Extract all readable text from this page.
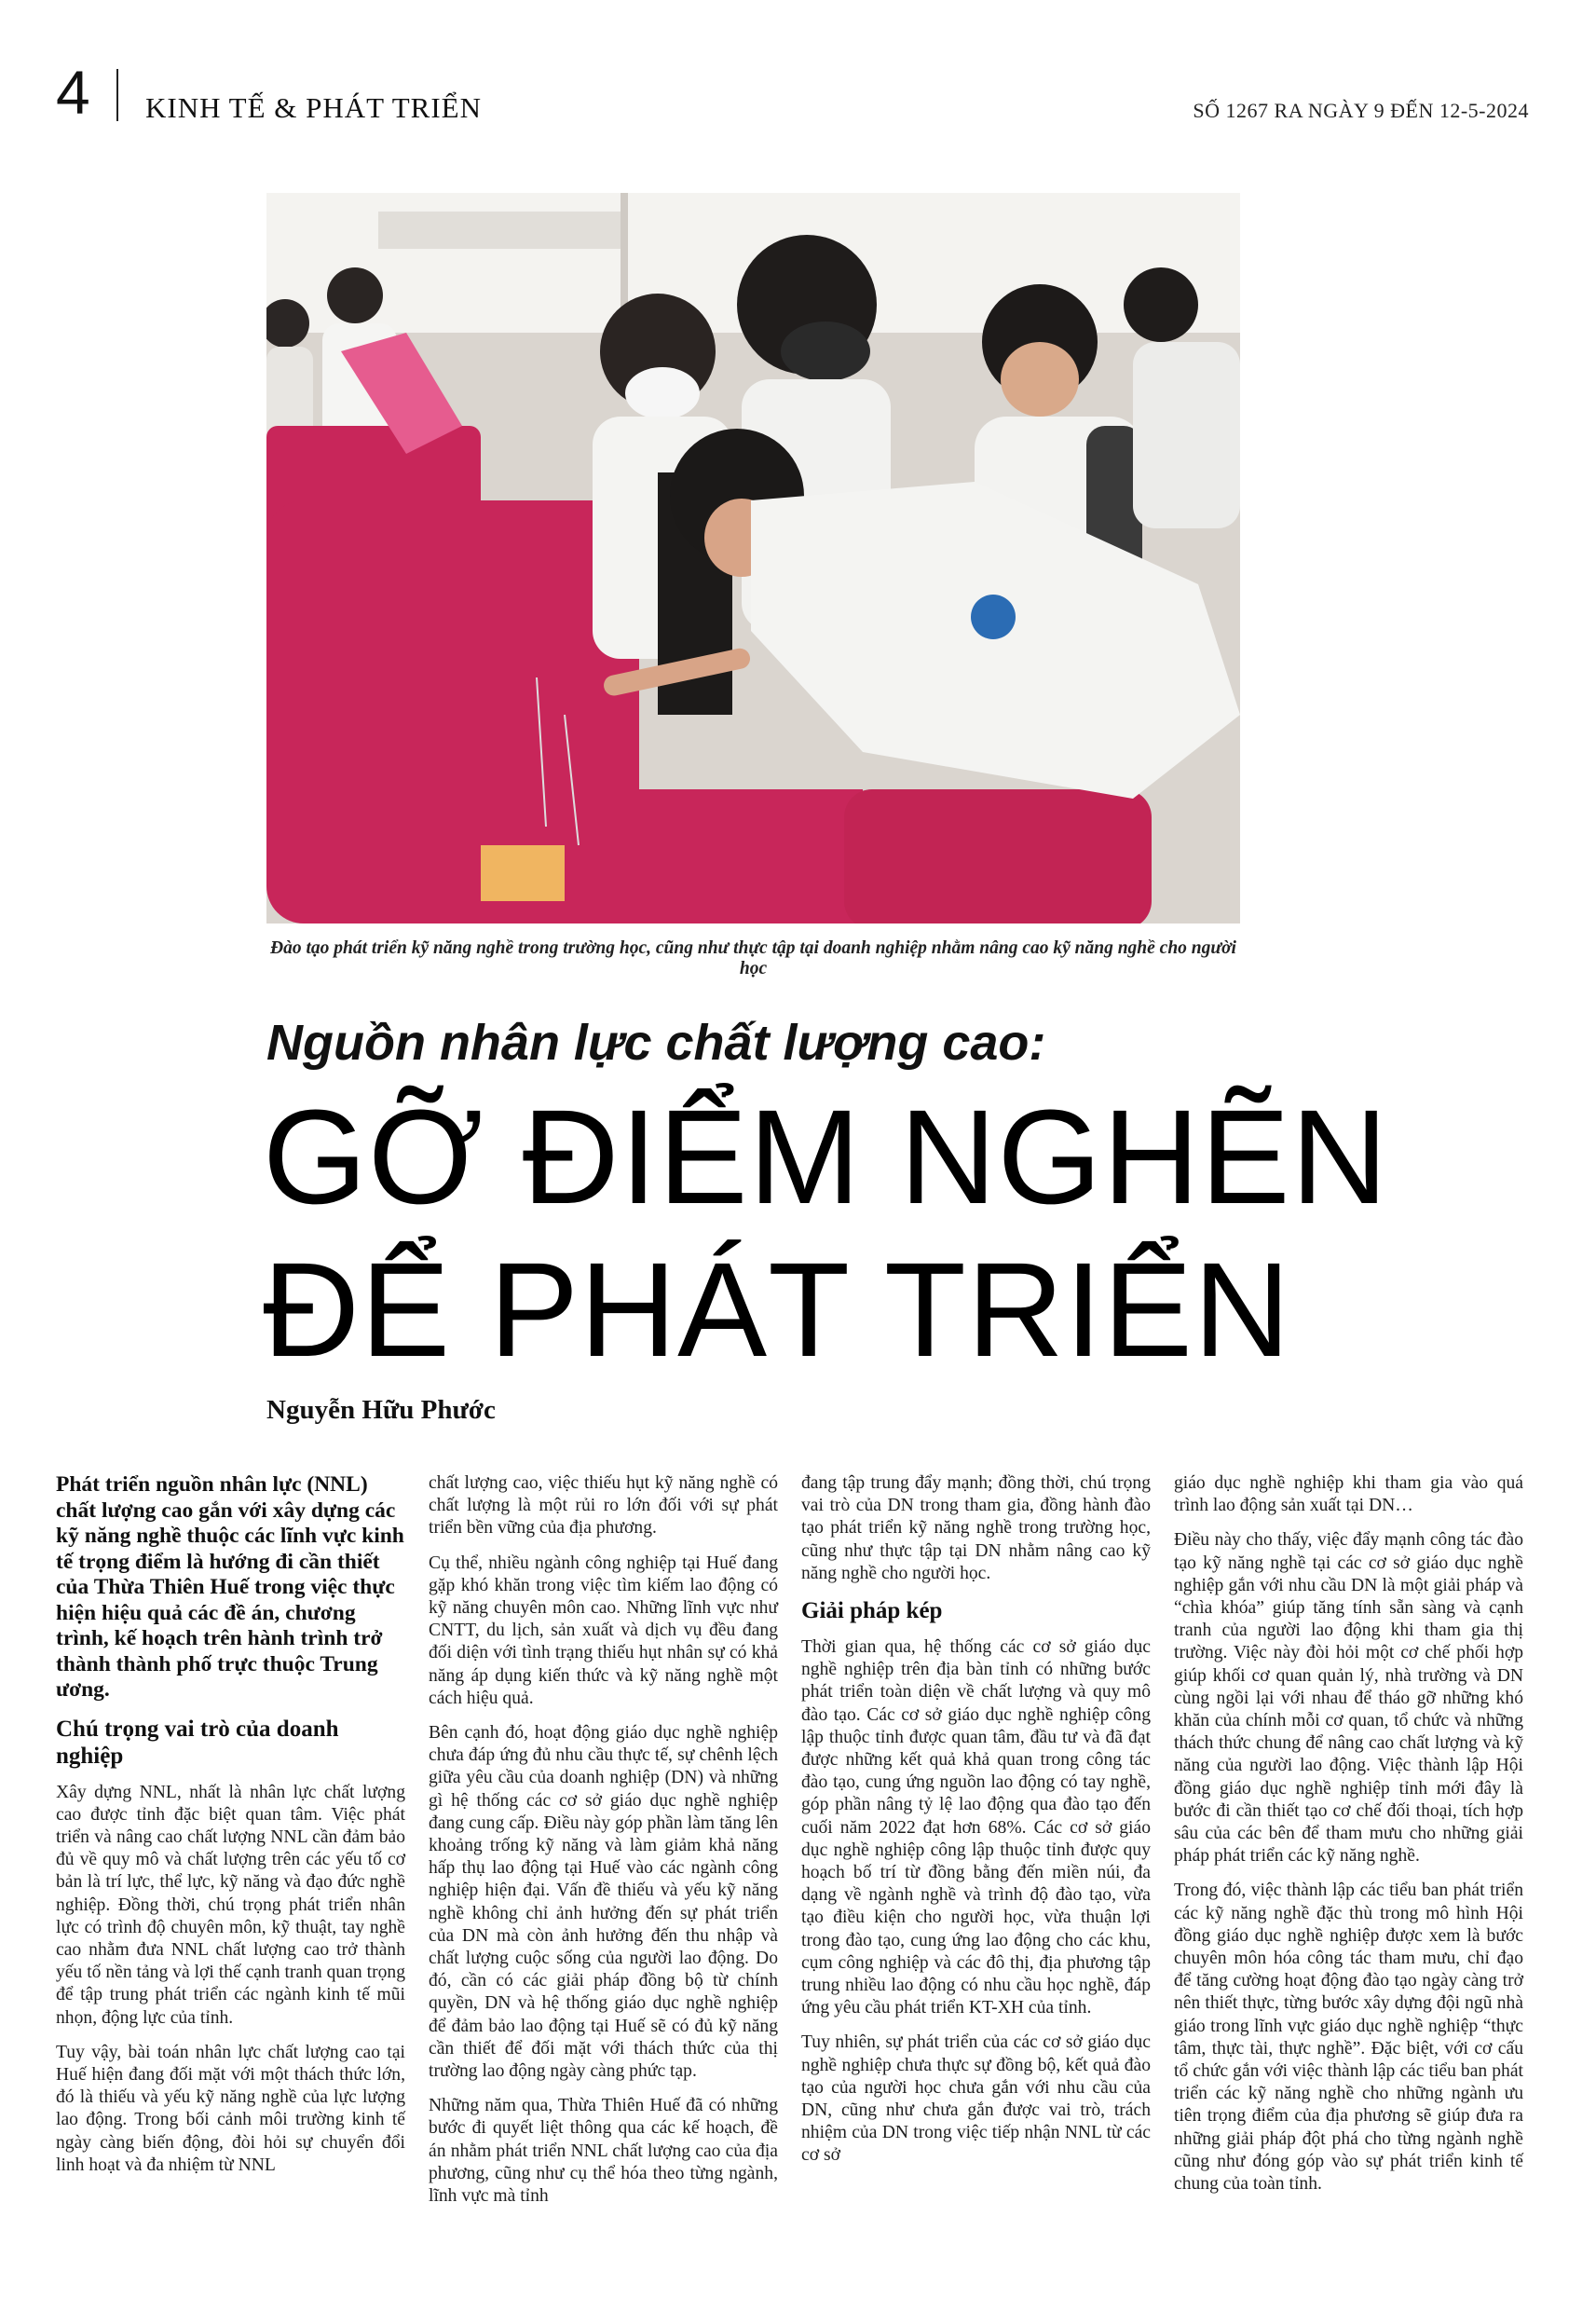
4 KINH TẾ & PHÁT TRIỂN	SỐ 1267 RA NGÀY 9 ĐẾN 12-5-2024
Đào tạo phát triển kỹ năng nghề trong trường học, cũng như thực tập tại doanh nghiệp nhằm nâng cao kỹ năng nghề cho người học
Nguồn nhân lực chất lượng cao:
GỠ ĐIỂM NGHẼN
ĐỂ PHÁT TRIỂN
Nguyễn Hữu Phước

Phát triển nguồn nhân lực (NNL) chất lượng cao gắn với xây dựng các kỹ năng nghề thuộc các lĩnh vực kinh tế trọng điểm là hướng đi cần thiết của Thừa Thiên Huế trong việc thực hiện hiệu quả các đề án, chương trình, kế hoạch trên hành trình trở thành thành phố trực thuộc Trung ương.

Chú trọng vai trò của doanh nghiệp

Xây dựng NNL, nhất là nhân lực chất lượng cao được tỉnh đặc biệt quan tâm. Việc phát triển và nâng cao chất lượng NNL cần đảm bảo đủ về quy mô và chất lượng trên các yếu tố cơ bản là trí lực, thể lực, kỹ năng và đạo đức nghề nghiệp. Đồng thời, chú trọng phát triển nhân lực có trình độ chuyên môn, kỹ thuật, tay nghề cao nhằm đưa NNL chất lượng cao trở thành yếu tố nền tảng và lợi thế cạnh tranh quan trọng để tập trung phát triển các ngành kinh tế mũi nhọn, động lực của tỉnh.

Tuy vậy, bài toán nhân lực chất lượng cao tại Huế hiện đang đối mặt với một thách thức lớn, đó là thiếu và yếu kỹ năng nghề của lực lượng lao động. Trong bối cảnh môi trường kinh tế ngày càng biến động, đòi hỏi sự chuyển đổi linh hoạt và đa nhiệm từ NNL

chất lượng cao, việc thiếu hụt kỹ năng nghề có chất lượng là một rủi ro lớn đối với sự phát triển bền vững của địa phương.

Cụ thể, nhiều ngành công nghiệp tại Huế đang gặp khó khăn trong việc tìm kiếm lao động có kỹ năng chuyên môn cao. Những lĩnh vực như CNTT, du lịch, sản xuất và dịch vụ đều đang đối diện với tình trạng thiếu hụt nhân sự có khả năng áp dụng kiến thức và kỹ năng nghề một cách hiệu quả.

Bên cạnh đó, hoạt động giáo dục nghề nghiệp chưa đáp ứng đủ nhu cầu thực tế, sự chênh lệch giữa yêu cầu của doanh nghiệp (DN) và những gì hệ thống các cơ sở giáo dục nghề nghiệp đang cung cấp. Điều này góp phần làm tăng lên khoảng trống kỹ năng và làm giảm khả năng hấp thụ lao động tại Huế vào các ngành công nghiệp hiện đại. Vấn đề thiếu và yếu kỹ năng nghề không chỉ ảnh hưởng đến sự phát triển của DN mà còn ảnh hưởng đến thu nhập và chất lượng cuộc sống của người lao động. Do đó, cần có các giải pháp đồng bộ từ chính quyền, DN và hệ thống giáo dục nghề nghiệp để đảm bảo lao động tại Huế sẽ có đủ kỹ năng cần thiết để đối mặt với thách thức của thị trường lao động ngày càng phức tạp.

Những năm qua, Thừa Thiên Huế đã có những bước đi quyết liệt thông qua các kế hoạch, đề án nhằm phát triển NNL chất lượng cao của địa phương, cũng như cụ thể hóa theo từng ngành, lĩnh vực mà tỉnh

đang tập trung đẩy mạnh; đồng thời, chú trọng vai trò của DN trong tham gia, đồng hành đào tạo phát triển kỹ năng nghề trong trường học, cũng như thực tập tại DN nhằm nâng cao kỹ năng nghề cho người học.

Giải pháp kép

Thời gian qua, hệ thống các cơ sở giáo dục nghề nghiệp trên địa bàn tỉnh có những bước phát triển toàn diện về chất lượng và quy mô đào tạo. Các cơ sở giáo dục nghề nghiệp công lập thuộc tỉnh được quan tâm, đầu tư và đã đạt được những kết quả khả quan trong công tác đào tạo, cung ứng nguồn lao động có tay nghề, góp phần nâng tỷ lệ lao động qua đào tạo đến cuối năm 2022 đạt hơn 68%. Các cơ sở giáo dục nghề nghiệp công lập thuộc tỉnh được quy hoạch bố trí từ đồng bằng đến miền núi, đa dạng về ngành nghề và trình độ đào tạo, vừa tạo điều kiện cho người học, vừa thuận lợi trong đào tạo, cung ứng lao động cho các khu, cụm công nghiệp và các đô thị, địa phương tập trung nhiều lao động có nhu cầu học nghề, đáp ứng yêu cầu phát triển KT-XH của tỉnh.

Tuy nhiên, sự phát triển của các cơ sở giáo dục nghề nghiệp chưa thực sự đồng bộ, kết quả đào tạo của người học chưa gắn với nhu cầu của DN, cũng như chưa gắn được vai trò, trách nhiệm của DN trong việc tiếp nhận NNL từ các cơ sở

giáo dục nghề nghiệp khi tham gia vào quá trình lao động sản xuất tại DN…

Điều này cho thấy, việc đẩy mạnh công tác đào tạo kỹ năng nghề tại các cơ sở giáo dục nghề nghiệp gắn với nhu cầu DN là một giải pháp và “chìa khóa” giúp tăng tính sẵn sàng và cạnh tranh của người lao động khi tham gia thị trường. Việc này đòi hỏi một cơ chế phối hợp giúp khối cơ quan quản lý, nhà trường và DN cùng ngồi lại với nhau để tháo gỡ những khó khăn của chính mỗi cơ quan, tổ chức và những thách thức chung để nâng cao chất lượng và kỹ năng của người lao động. Việc thành lập Hội đồng giáo dục nghề nghiệp tỉnh mới đây là bước đi cần thiết tạo cơ chế đối thoại, tích hợp sâu của các bên để tham mưu cho những giải pháp phát triển các kỹ năng nghề.

Trong đó, việc thành lập các tiểu ban phát triển các kỹ năng nghề đặc thù trong mô hình Hội đồng giáo dục nghề nghiệp được xem là bước chuyên môn hóa công tác tham mưu, chỉ đạo để tăng cường hoạt động đào tạo ngày càng trở nên thiết thực, từng bước xây dựng đội ngũ nhà giáo trong lĩnh vực giáo dục nghề nghiệp “thực tâm, thực tài, thực nghề”. Đặc biệt, với cơ cấu tổ chức gắn với việc thành lập các tiểu ban phát triển các kỹ năng nghề cho những ngành ưu tiên trọng điểm của địa phương sẽ giúp đưa ra những giải pháp đột phá cho từng ngành nghề cũng như đóng góp vào sự phát triển kinh tế chung của toàn tỉnh.
